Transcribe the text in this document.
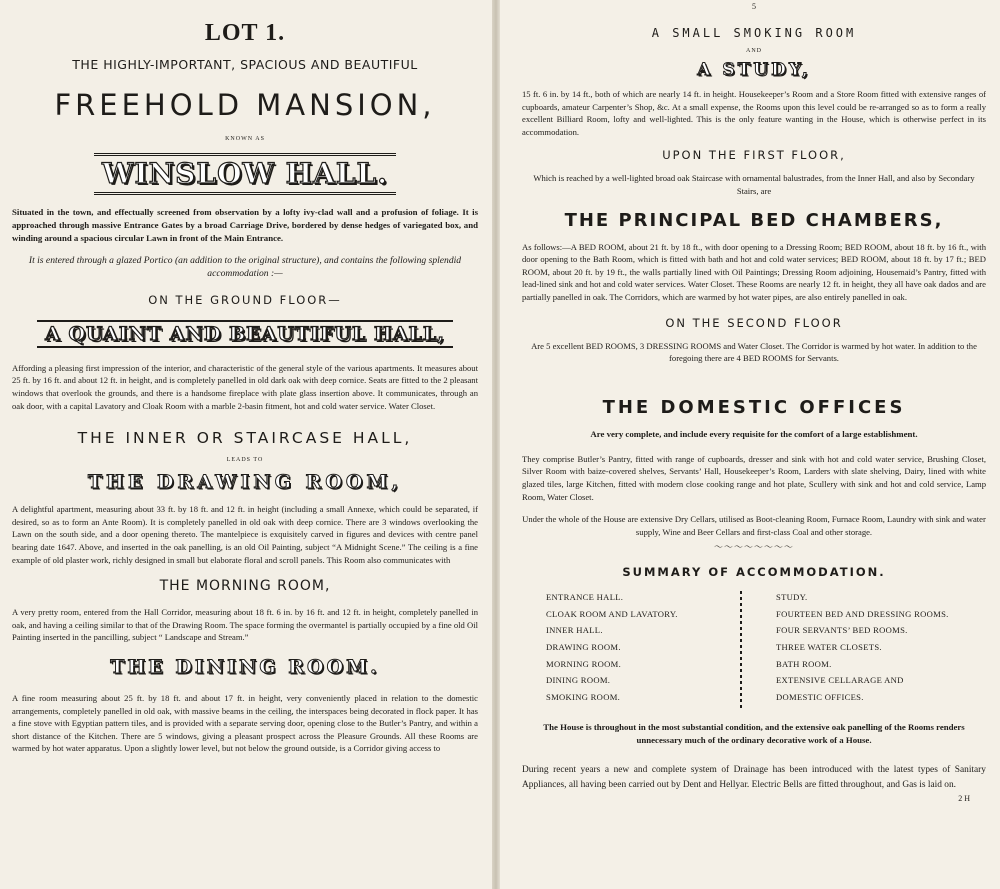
LOT 1.
THE HIGHLY-IMPORTANT, SPACIOUS AND BEAUTIFUL
FREEHOLD MANSION,
KNOWN AS
WINSLOW HALL.

Situated in the town, and effectually screened from observation by a lofty ivy-clad wall and a profusion of foliage. It is approached through massive Entrance Gates by a broad Carriage Drive, bordered by dense hedges of variegated box, and winding around a spacious circular Lawn in front of the Main Entrance.

It is entered through a glazed Portico (an addition to the original structure), and contains the following splendid accommodation :—

ON THE GROUND FLOOR—
A QUAINT AND BEAUTIFUL HALL,

Affording a pleasing first impression of the interior, and characteristic of the general style of the various apartments. It measures about 25 ft. by 16 ft. and about 12 ft. in height, and is completely panelled in old dark oak with deep cornice. Seats are fitted to the 2 pleasant windows that overlook the grounds, and there is a handsome fireplace with plate glass insertion above. It communicates, through an oak door, with a capital Lavatory and Cloak Room with a marble 2-basin fitment, hot and cold water service. Water Closet.

THE INNER OR STAIRCASE HALL,
LEADS TO
THE DRAWING ROOM,

A delightful apartment, measuring about 33 ft. by 18 ft. and 12 ft. in height (including a small Annexe, which could be separated, if desired, so as to form an Ante Room). It is completely panelled in old oak with deep cornice. There are 3 windows overlooking the Lawn on the south side, and a door opening thereto. The mantelpiece is exquisitely carved in figures and devices with centre panel bearing date 1647. Above, and inserted in the oak panelling, is an old Oil Painting, subject “A Midnight Scene.” The ceiling is a fine example of old plaster work, richly designed in small but elaborate floral and scroll panels. This Room also communicates with

THE MORNING ROOM,

A very pretty room, entered from the Hall Corridor, measuring about 18 ft. 6 in. by 16 ft. and 12 ft. in height, completely panelled in oak, and having a ceiling similar to that of the Drawing Room. The space forming the overmantel is partially occupied by a fine old Oil Painting inserted in the pancilling, subject “ Landscape and Stream.”

THE DINING ROOM.

A fine room measuring about 25 ft. by 18 ft. and about 17 ft. in height, very conveniently placed in relation to the domestic arrangements, completely panelled in old oak, with massive beams in the ceiling, the interspaces being decorated in flock paper. It has a fine stove with Egyptian pattern tiles, and is provided with a separate serving door, opening close to the Butler’s Pantry, and within a short distance of the Kitchen. There are 5 windows, giving a pleasant prospect across the Pleasure Grounds. All these Rooms are warmed by hot water apparatus. Upon a slightly lower level, but not below the ground outside, is a Corridor giving access to

5
A SMALL SMOKING ROOM
AND
A STUDY,

15 ft. 6 in. by 14 ft., both of which are nearly 14 ft. in height. Housekeeper’s Room and a Store Room fitted with extensive ranges of cupboards, amateur Carpenter’s Shop, &c. At a small expense, the Rooms upon this level could be re-arranged so as to form a really excellent Billiard Room, lofty and well-lighted. This is the only feature wanting in the House, which is otherwise perfect in its accommodation.

UPON THE FIRST FLOOR,

Which is reached by a well-lighted broad oak Staircase with ornamental balustrades, from the Inner Hall, and also by Secondary Stairs, are

THE PRINCIPAL BED CHAMBERS,

As follows:—A BED ROOM, about 21 ft. by 18 ft., with door opening to a Dressing Room; BED ROOM, about 18 ft. by 16 ft., with door opening to the Bath Room, which is fitted with bath and hot and cold water services; BED ROOM, about 18 ft. by 17 ft.; BED ROOM, about 20 ft. by 19 ft., the walls partially lined with Oil Paintings; Dressing Room adjoining, Housemaid’s Pantry, fitted with lead-lined sink and hot and cold water services. Water Closet. These Rooms are nearly 12 ft. in height, they all have oak dados and are partially panelled in oak. The Corridors, which are warmed by hot water pipes, are also entirely panelled in oak.

ON THE SECOND FLOOR

Are 5 excellent BED ROOMS, 3 DRESSING ROOMS and Water Closet. The Corridor is warmed by hot water. In addition to the foregoing there are 4 BED ROOMS for Servants.

THE DOMESTIC OFFICES

Are very complete, and include every requisite for the comfort of a large establishment.

They comprise Butler’s Pantry, fitted with range of cupboards, dresser and sink with hot and cold water service, Brushing Closet, Silver Room with baize-covered shelves, Servants’ Hall, Housekeeper’s Room, Larders with slate shelving, Dairy, lined with white glazed tiles, large Kitchen, fitted with modern close cooking range and hot plate, Scullery with sink and hot and cold service, Lamp Room, Water Closet.

Under the whole of the House are extensive Dry Cellars, utilised as Boot-cleaning Room, Furnace Room, Laundry with sink and water supply, Wine and Beer Cellars and first-class Coal and other storage.

〜〜〜〜〜〜〜〜
SUMMARY OF ACCOMMODATION.
ENTRANCE HALL.
CLOAK ROOM AND LAVATORY.
INNER HALL.
DRAWING ROOM.
MORNING ROOM.
DINING ROOM.
SMOKING ROOM.
STUDY.
FOURTEEN BED AND DRESSING ROOMS.
FOUR SERVANTS’ BED ROOMS.
THREE WATER CLOSETS.
BATH ROOM.
EXTENSIVE CELLARAGE AND
DOMESTIC OFFICES.

The House is throughout in the most substantial condition, and the extensive oak panelling of the Rooms renders unnecessary much of the ordinary decorative work of a House.

During recent years a new and complete system of Drainage has been introduced with the latest types of Sanitary Appliances, all having been carried out by Dent and Hellyar. Electric Bells are fitted throughout, and Gas is laid on.

2 H
